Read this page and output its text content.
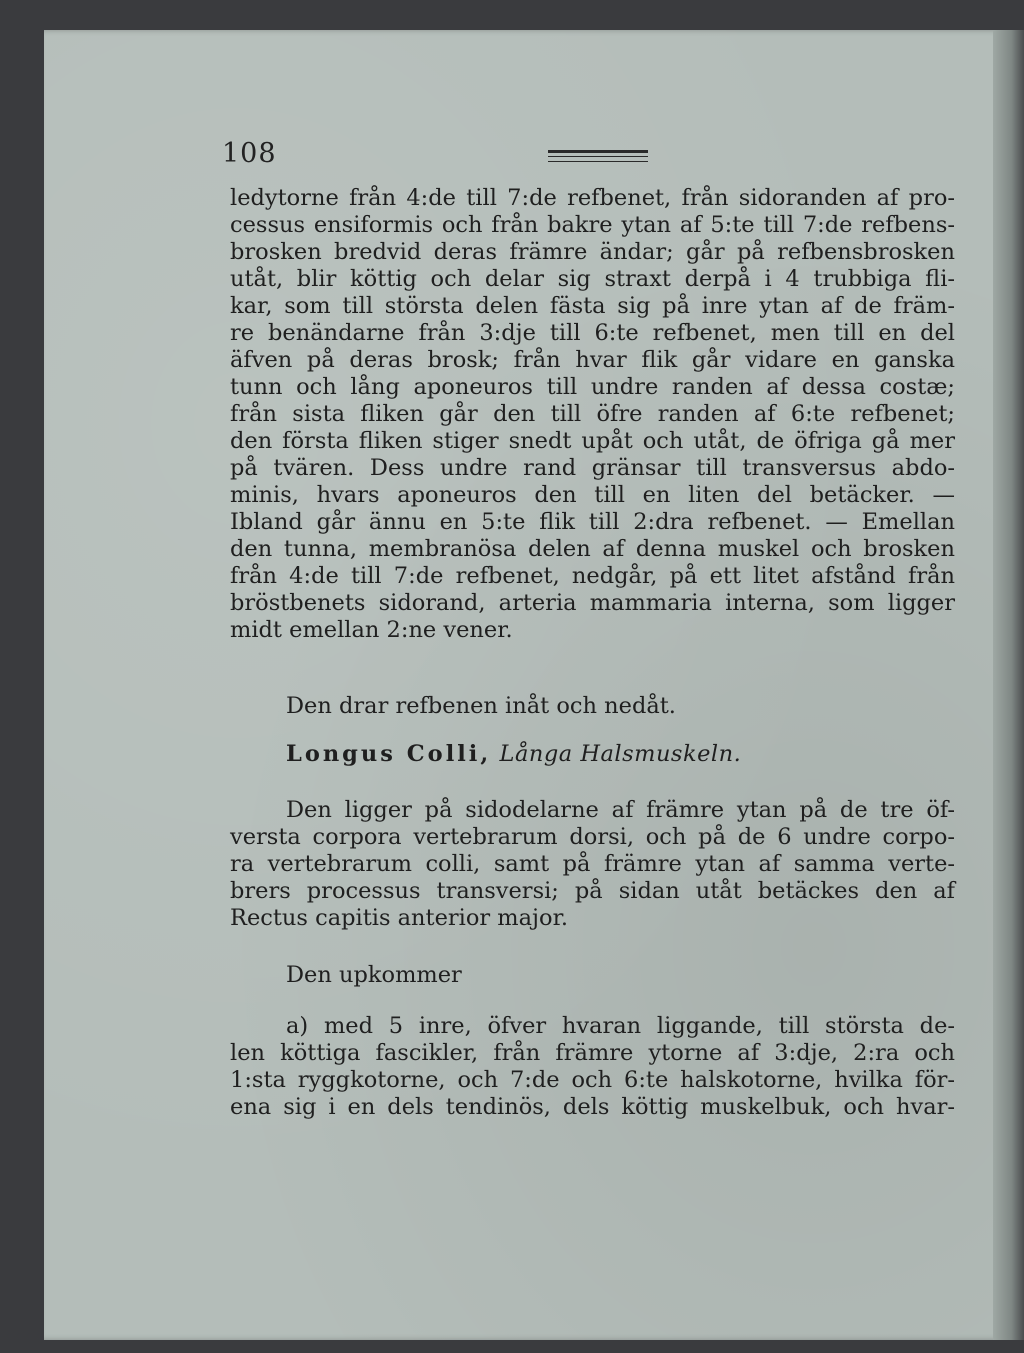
108
ledytorne från 4:de till 7:de refbenet, från sidoranden af pro-
cessus ensiformis och från bakre ytan af 5:te till 7:de refbens-
brosken bredvid deras främre ändar; går på refbensbrosken
utåt, blir köttig och delar sig straxt derpå i 4 trubbiga fli-
kar, som till största delen fästa sig på inre ytan af de främ-
re benändarne från 3:dje till 6:te refbenet, men till en del
äfven på deras brosk; från hvar flik går vidare en ganska
tunn och lång aponeuros till undre randen af dessa costæ;
från sista fliken går den till öfre randen af 6:te refbenet;
den första fliken stiger snedt upåt och utåt, de öfriga gå mer
på tvären. Dess undre rand gränsar till transversus abdo-
minis, hvars aponeuros den till en liten del betäcker. —
Ibland går ännu en 5:te flik till 2:dra refbenet. — Emellan
den tunna, membranösa delen af denna muskel och brosken
från 4:de till 7:de refbenet, nedgår, på ett litet afstånd från
bröstbenets sidorand, arteria mammaria interna, som ligger
midt emellan 2:ne vener.
Den drar refbenen inåt och nedåt.
Longus Colli, Långa Halsmuskeln.
Den ligger på sidodelarne af främre ytan på de tre öf-
versta corpora vertebrarum dorsi, och på de 6 undre corpo-
ra vertebrarum colli, samt på främre ytan af samma verte-
brers processus transversi; på sidan utåt betäckes den af
Rectus capitis anterior major.
Den upkommer
a) med 5 inre, öfver hvaran liggande, till största de-
len köttiga fascikler, från främre ytorne af 3:dje, 2:ra och
1:sta ryggkotorne, och 7:de och 6:te halskotorne, hvilka för-
ena sig i en dels tendinös, dels köttig muskelbuk, och hvar-
